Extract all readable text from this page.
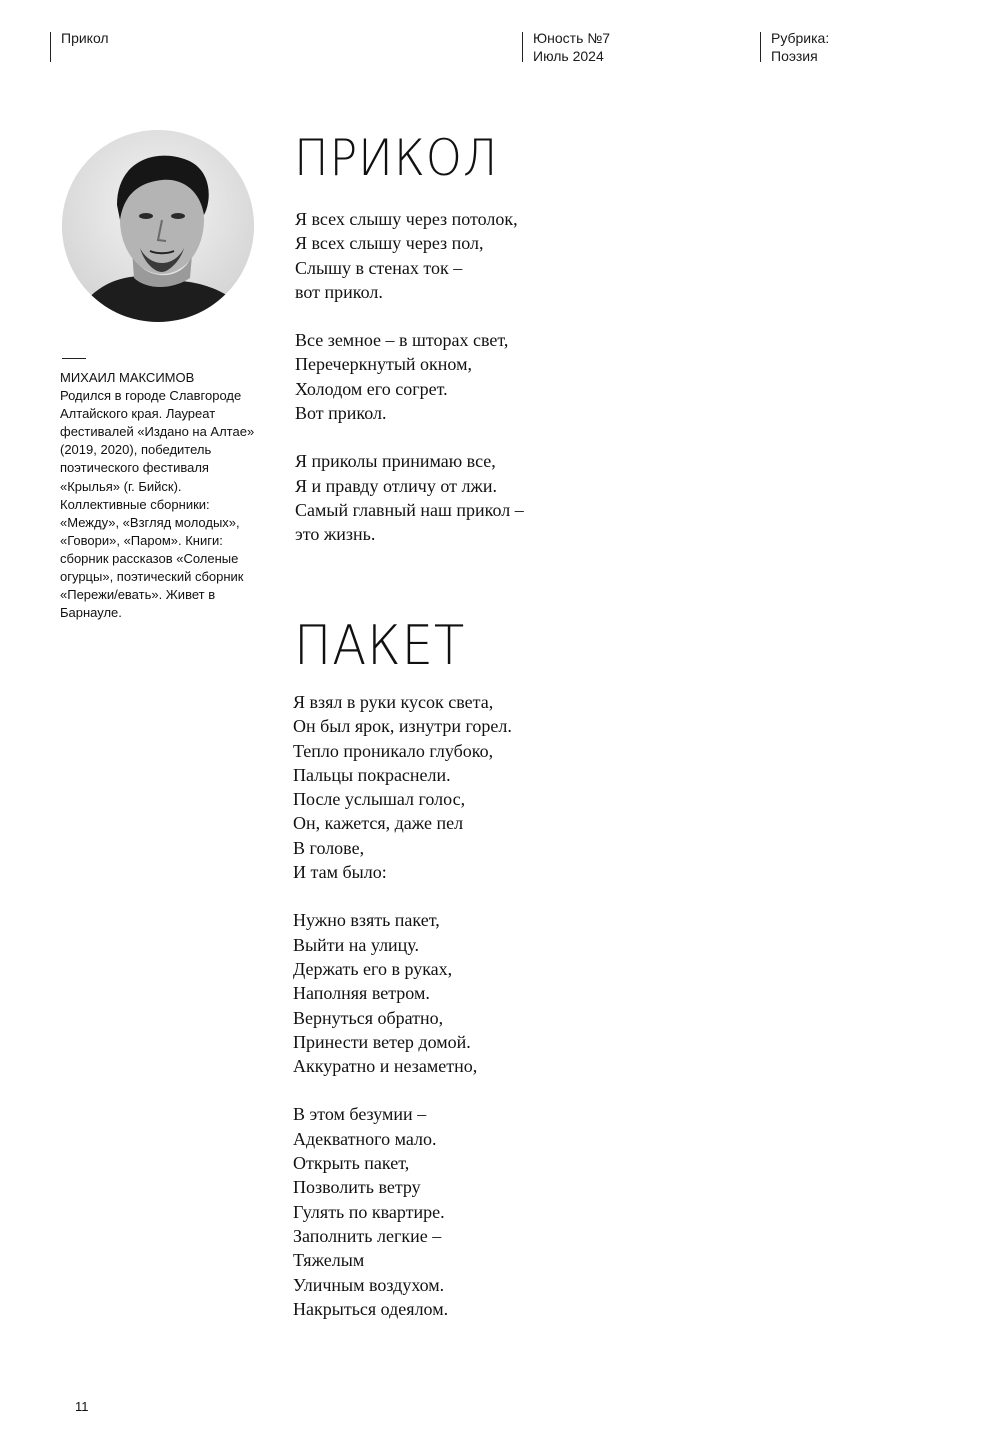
Прикол	Юность №7
Июль 2024
Рубрика:
Поэзия
МИХАИЛ МАКСИМОВ
Родился в городе Славгороде Алтайского края. Лауреат фестивалей «Издано на Алтае» (2019, 2020), победитель поэтического фестиваля «Крылья» (г. Бийск). Коллективные сборники: «Между», «Взгляд молодых», «Говори», «Паром». Книги: сборник рассказов «Соленые огурцы», поэтический сборник «Пережи/евать». Живет в Барнауле.
ПРИКОЛ
Я всех слышу через потолок,
Я всех слышу через пол,
Слышу в стенах ток –
вот прикол.
Все земное – в шторах свет,
Перечеркнутый окном,
Холодом его согрет.
Вот прикол.
Я приколы принимаю все,
Я и правду отличу от лжи.
Самый главный наш прикол –
это жизнь.
ПАКЕТ
Я взял в руки кусок света,
Он был ярок, изнутри горел.
Тепло проникало глубоко,
Пальцы покраснели.
После услышал голос,
Он, кажется, даже пел
В голове,
И там было:
Нужно взять пакет,
Выйти на улицу.
Держать его в руках,
Наполняя ветром.
Вернуться обратно,
Принести ветер домой.
Аккуратно и незаметно,
В этом безумии –
Адекватного мало.
Открыть пакет,
Позволить ветру
Гулять по квартире.
Заполнить легкие –
Тяжелым
Уличным воздухом.
Накрыться одеялом.
11
